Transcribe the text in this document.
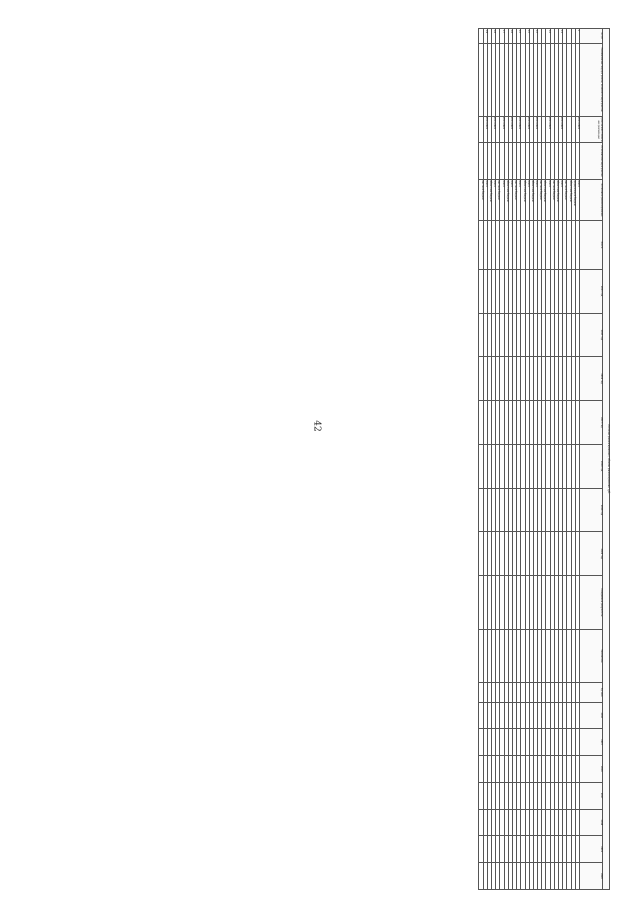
42	Источник финансирования / Объемы финансирования, руб.																						
№ п/п	Наименование подпрограммы, основного мероприятия	Срок начала / окончания реализации	Исполнители мероприятия	Источники финансирования	Всего	2014 год	2015 год	2016 год	2017 год	2018 год	2019 год	2020 год	Ожидаемые результаты	Показатель	Ед. изм.	2014	2015	2016	2017	2018	2019	2020
1		2014-2020		Всего																		
				федеральный бюджет																		
				областной бюджет																		
				местный бюджет																		
1.1		2014-2020		Всего																		
				областной бюджет																		
				местный бюджет																		
1.2		2014-2020		Всего																		
				областной бюджет																		
				местный бюджет																		
1.3		2014-2020		Всего																		
				областной бюджет																		
1.4		2014-2020		Всего																		
				областной бюджет																		
1.5		2014-2020		Всего																		
				местный бюджет																		
1.6		2014-2020		Всего																		
				областной бюджет																		
1.7		2014-2020		Всего																		
				местный бюджет																		
1.8		2014-2020		Всего																		
				областной бюджет																		
1.9		2014-2020		Всего																		
				местный бюджет																		
